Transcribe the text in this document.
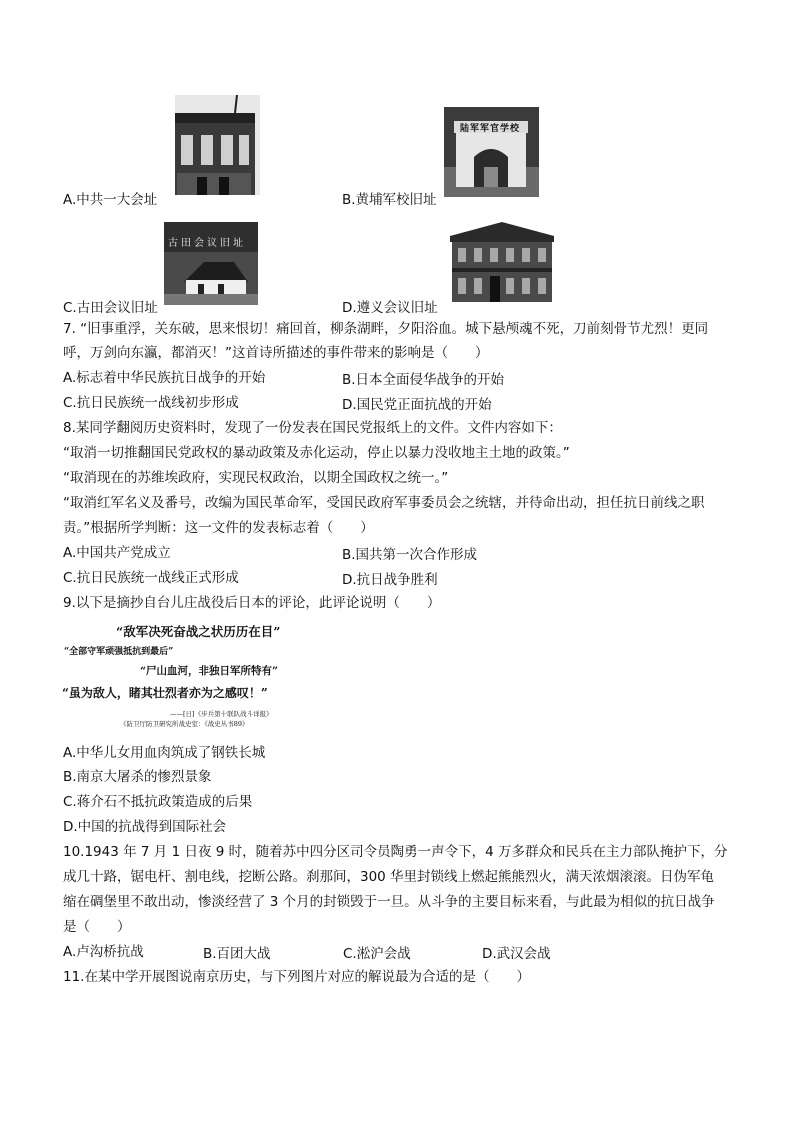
A.中共一大会址
陆军军官学校
B.黄埔军校旧址
古田会议旧址
C.古田会议旧址	D.遵义会议旧址
7. “旧事重浮，关东破，思来恨切！痛回首，柳条湖畔，夕阳浴血。城下悬颅魂不死，刀前刻骨节尤烈！更同
呼，万剑向东瀛，都消灭！”这首诗所描述的事件带来的影响是（　　）
A.标志着中华民族抗日战争的开始	B.日本全面侵华战争的开始
C.抗日民族统一战线初步形成	D.国民党正面抗战的开始
8.某同学翻阅历史资料时，发现了一份发表在国民党报纸上的文件。文件内容如下：
“取消一切推翻国民党政权的暴动政策及赤化运动，停止以暴力没收地主土地的政策。”
“取消现在的苏维埃政府，实现民权政治，以期全国政权之统一。”
“取消红军名义及番号，改编为国民革命军，受国民政府军事委员会之统辖，并待命出动，担任抗日前线之职
责。”根据所学判断：这一文件的发表标志着（　　）
A.中国共产党成立	B.国共第一次合作形成
C.抗日民族统一战线正式形成	D.抗日战争胜利
9.以下是摘抄自台儿庄战役后日本的评论，此评论说明（　　）
“敌军决死奋战之状历历在目”
“全部守军顽强抵抗到最后”
“尸山血河，非独日军所特有”
“虽为敌人，睹其壮烈者亦为之感叹！”
——[日]《步兵第十联队战斗详报》
《防卫厅防卫研究所战史室：《战史丛书89》
A.中华儿女用血肉筑成了钢铁长城
B.南京大屠杀的惨烈景象
C.蒋介石不抵抗政策造成的后果
D.中国的抗战得到国际社会
10.1943 年 7 月 1 日夜 9 时，随着苏中四分区司令员陶勇一声令下，4 万多群众和民兵在主力部队掩护下，分
成几十路，锯电杆、割电线，挖断公路。刹那间，300 华里封锁线上燃起熊熊烈火，满天浓烟滚滚。日伪军龟
缩在碉堡里不敢出动，惨淡经营了 3 个月的封锁毁于一旦。从斗争的主要目标来看，与此最为相似的抗日战争
是（　　）
A.卢沟桥抗战	B.百团大战	C.淞沪会战	D.武汉会战
11.在某中学开展图说南京历史，与下列图片对应的解说最为合适的是（　　）
